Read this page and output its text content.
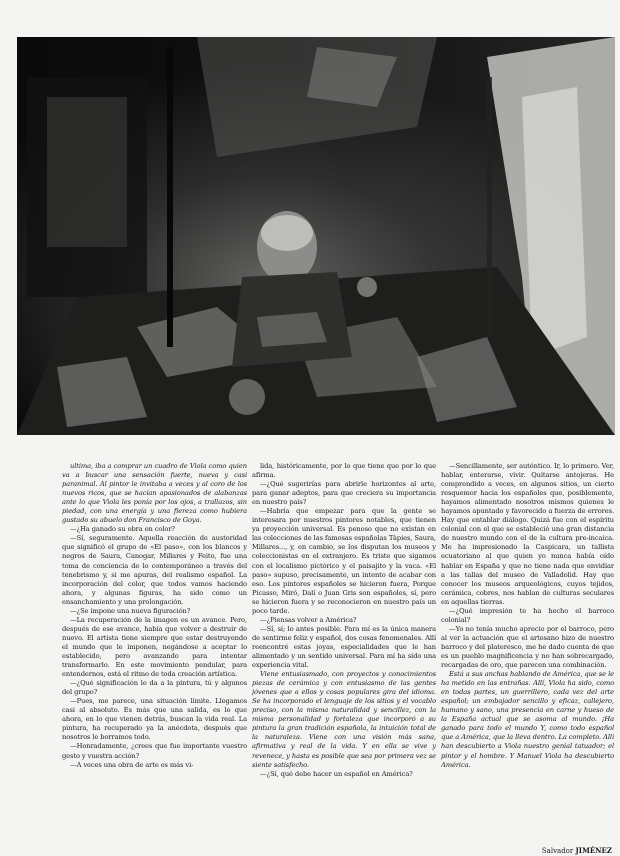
ultima, iba a comprar un cuadro de Viola como quien va a buscar una sensación fuerte, nueva y casi paranimal. Al pintor le invitaba a veces y al coro de los nuevos ricos, que se hacían apasionados de alabanzas ante lo que Viola les ponía por los ojos, a trallazos, sin piedad, con una energía y una fiereza como hubiera gustado su abuelo don Francisco de Goya.

—¿Ha ganado su obra en color?

—Sí, seguramente. Aquella reacción de austeridad que significó el grupo de «El paso», con los blancos y negros de Saura, Canogar, Millares y Feito, fue una toma de conciencia de lo contemporáneo a través del tenebrismo y, si me apuras, del realismo español. La incorporación del color, que todos vamos haciendo ahora, y algunas figuras, ha sido como un ensanchamiento y una prolongación.

—¿Se impone una nueva figuración?

—La recuperación de la imagen es un avance. Pero, después de ese avance, había que volver a destruir de nuevo. El artista tiene siempre que estar destruyendo el mundo que le imponen, negándose a aceptar lo establecido, pero avanzando para intentar transformarlo. En este movimiento pendular, para entendernos, está el ritmo de toda creación artística.

—¿Qué significación le da a la pintura, tú y algunos del grupo?

—Pues, me parece, una situación límite. Llegamos casi al absoluto. Es más que una salida, es lo que ahora, en lo que vienen detrás, buscan la vida real. La pintura, ha recuperado ya la anécdota, después que nosotros le borramos todo.

—Honradamente, ¿crees que fue importante vuestro gesto y vuestra acción?

—A veces una obra de arte es más vi-

lida, históricamente, por lo que tiene que por lo que afirma.

—¿Qué sugerirías para abrirle horizontes al arte, para ganar adeptos, para que creciera su importancia en nuestro país?

—Habría que empezar para que la gente se interesara por nuestros pintores notables, que tienen ya proyección universal. Es penoso que no existan en las colecciones de las famosas españolas Tàpies, Saura, Millares..., y, en cambio, se los disputan los museos y coleccionistas en el extranjero. Es triste que sigamos con el localismo pictórico y el paisajito y la vaca. «El paso» supuso, precisamente, un intento de acabar con eso. Los pintores españoles se hicieron fuera, Porque Picasso, Miró, Dalí o Juan Gris son españoles, sí, pero se hicieron fuera y se reconocieron en nuestro país un poco tarde.

—¿Piensas volver a América?

—Sí, sí; lo antes posible. Para mí es la única manera de sentirme feliz y español, dos cosas fenomenales. Allí reencontré estas joyas, especialidades que le han alimentado y un sentido universal. Para mí ha sido una experiencia vital.

Viene entusiasmado, con proyectos y conocimientos piezas de cerámica y con entusiasmo de las gentes jóvenes que a ellos y cosas populares gira del idioma. Se ha incorporado el lenguaje de los sitios y el vocablo preciso, con la misma naturalidad y sencillez, con la misma personalidad y fortaleza que incorporó a su pintura la gran tradición española, la intuición total de la naturaleza. Viene con una visión más sana, afirmativa y real de la vida. Y en ella se vive y revenece, y hasta es posible que sea por primera vez se siente satisfecho.

—¿Sí, qué debe hacer un español en América?

—Sencillamente, ser auténtico. Ir, lo primero. Ver, hablar, enterarse, vivir. Quitarse antojeras. He comprendido a veces, en algunos sitios, un cierto resquemor hacia los españoles que, posiblemente, hayamos alimentado nosotros mismos quienes le hayamos apuntado y favorecido a fuerza de errores. Hay que entablar diálogo. Quizá fue con el espíritu colonial con el que se estableció una gran distancia de nuestro mundo con el de la cultura pre-incaica. Me ha impresionado la Caspicara, un tallista ecuatoriano al que quien yo nunca había oído hablar en España y que no tiene nada que envidiar a las tallas del museo de Valladolid. Hay que conocer los museos arqueológicos, cuyos tejidos, cerámica, cobres, nos hablan de culturas seculares en aquellas tierras.

—¿Qué impresión te ha hecho el barroco colonial?

—Yo no tenía mucho aprecio por el barroco, pero al ver la actuación que el artesano hizo de nuestro barroco y del plateresco, me he dado cuenta de que es un pueblo magnificencia y no han sobrecargado, recargadas de oro, que parecen una combinación.

Está a sus anchas hablando de América, que se le ha metido en las entrañas. Allí, Viola ha sido, como en todas partes, un guerrillero, cada vez del arte español; un embajador sencillo y eficaz, callejero, humano y sano, una presencia en carne y hueso de la España actual que se asoma al mundo. ¡Ha ganado para todo el mundo Y, como todo español que a América, que la lleva dentro. La completo. Allí han descubierto a Viola nuestro genial tatuador; el pintor y el hombre. Y Manuel Viola ha descubierto América.

Salvador JIMÉNEZ
